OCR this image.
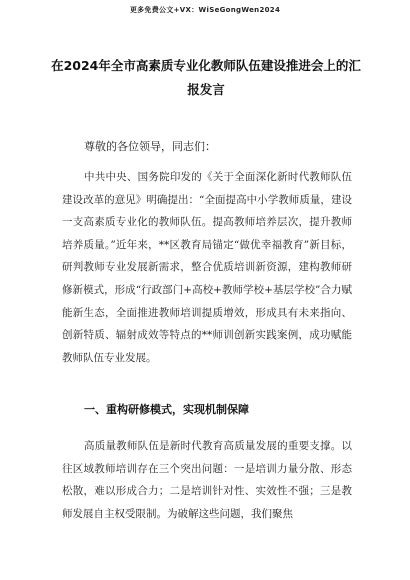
更多免费公文+VX：WiSeGongWen2024
在2024年全市高素质专业化教师队伍建设推进会上的汇报发言
尊敬的各位领导，同志们：

中共中央、国务院印发的《关于全面深化新时代教师队伍建设改革的意见》明确提出：“全面提高中小学教师质量，建设一支高素质专业化的教师队伍。提高教师培养层次，提升教师培养质量。”近年来，**区教育局锚定“做优幸福教育”新目标，研判教师专业发展新需求，整合优质培训新资源，建构教师研修新模式，形成“行政部门+高校+教师学校+基层学校”合力赋能新生态，全面推进教师培训提质增效，形成具有未来指向、创新特质、辐射成效等特点的**师训创新实践案例，成功赋能教师队伍专业发展。

一、重构研修模式，实现机制保障

高质量教师队伍是新时代教育高质量发展的重要支撑。以往区域教师培训存在三个突出问题：一是培训力量分散、形态松散，难以形成合力；二是培训针对性、实效性不强；三是教师发展自主权受限制。为破解这些问题，我们聚焦
